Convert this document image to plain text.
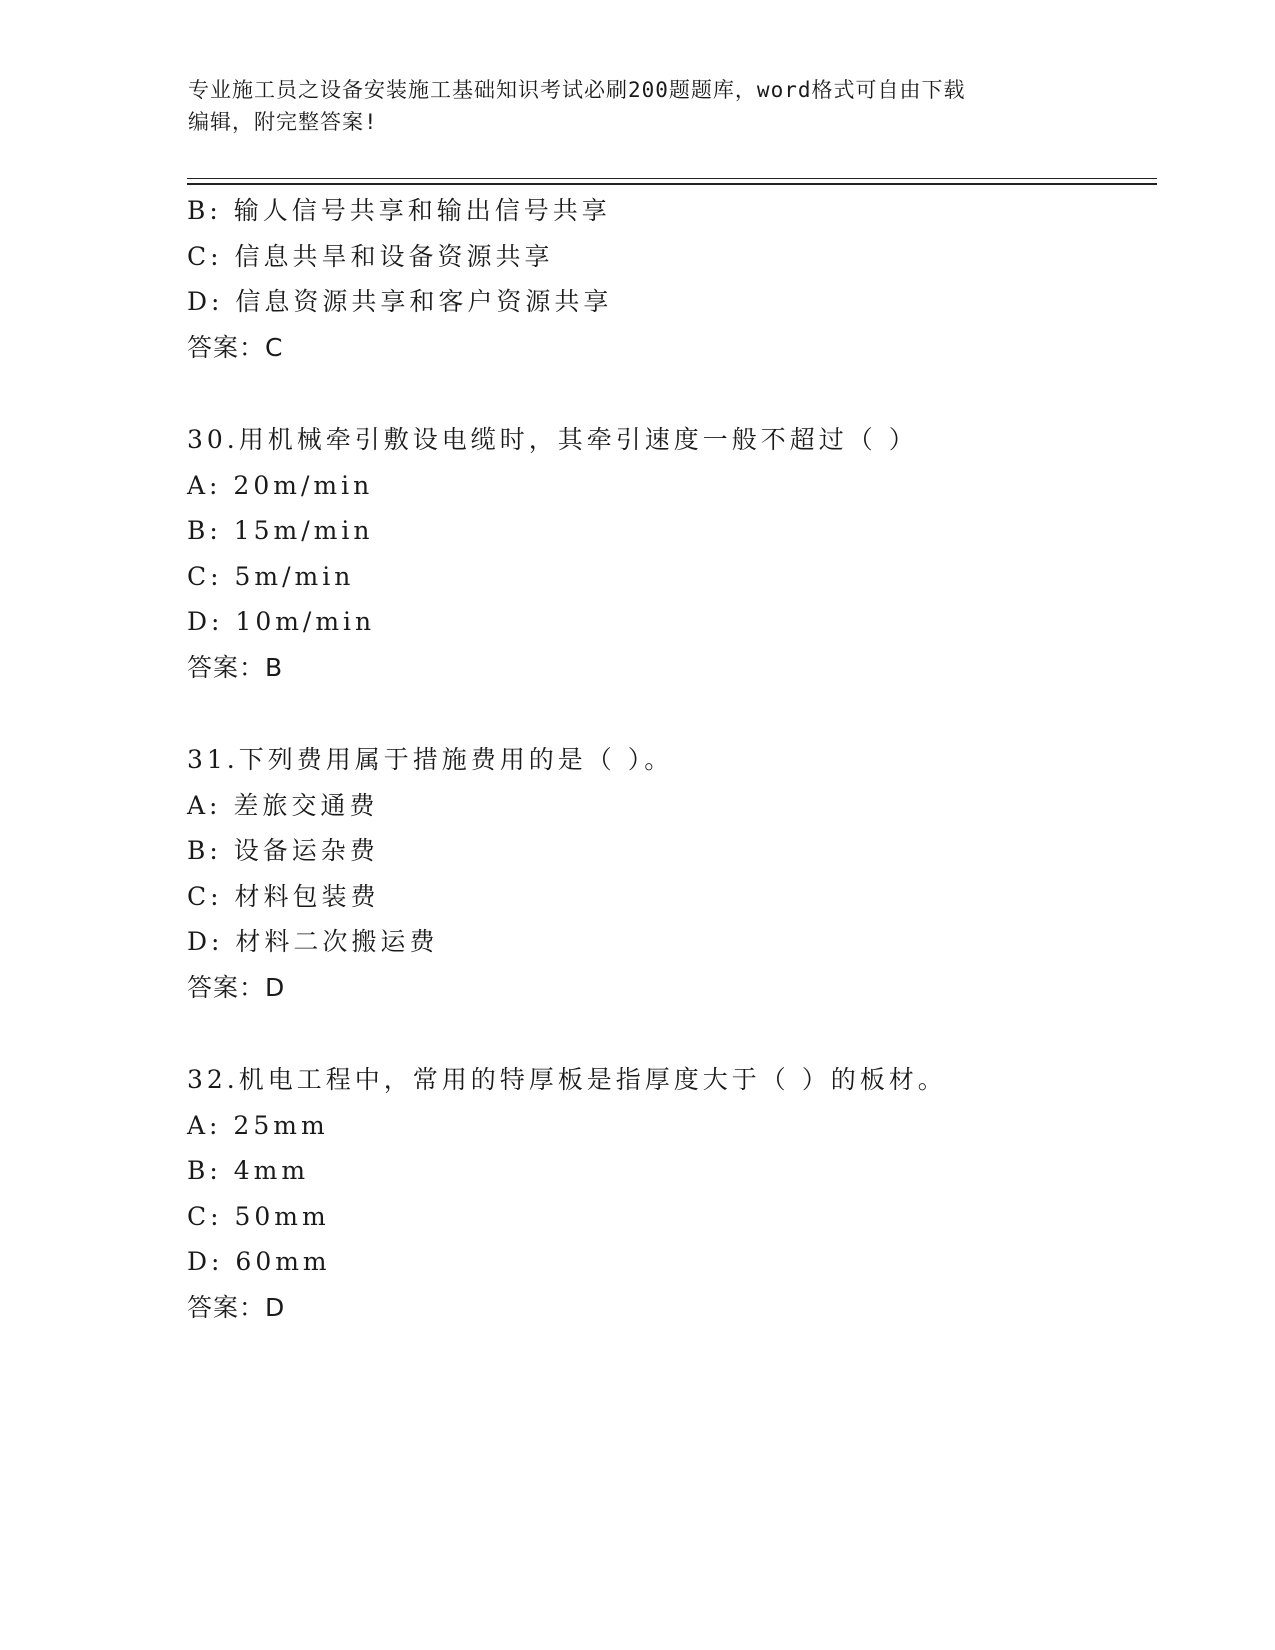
专业施工员之设备安装施工基础知识考试必刷200题题库，word格式可自由下载
编辑，附完整答案!
B: 输人信号共享和输出信号共享
C: 信息共旱和设备资源共享
D: 信息资源共享和客户资源共享
答案：C
30.用机械牵引敷设电缆时，其牵引速度一般不超过（ ）
A: 20m/min
B: 15m/min
C: 5m/min
D: 10m/min
答案：B
31.下列费用属于措施费用的是（ ）。
A: 差旅交通费
B: 设备运杂费
C: 材料包装费
D: 材料二次搬运费
答案：D
32.机电工程中，常用的特厚板是指厚度大于（ ）的板材。
A: 25mm
B: 4mm
C: 50mm
D: 60mm
答案：D
